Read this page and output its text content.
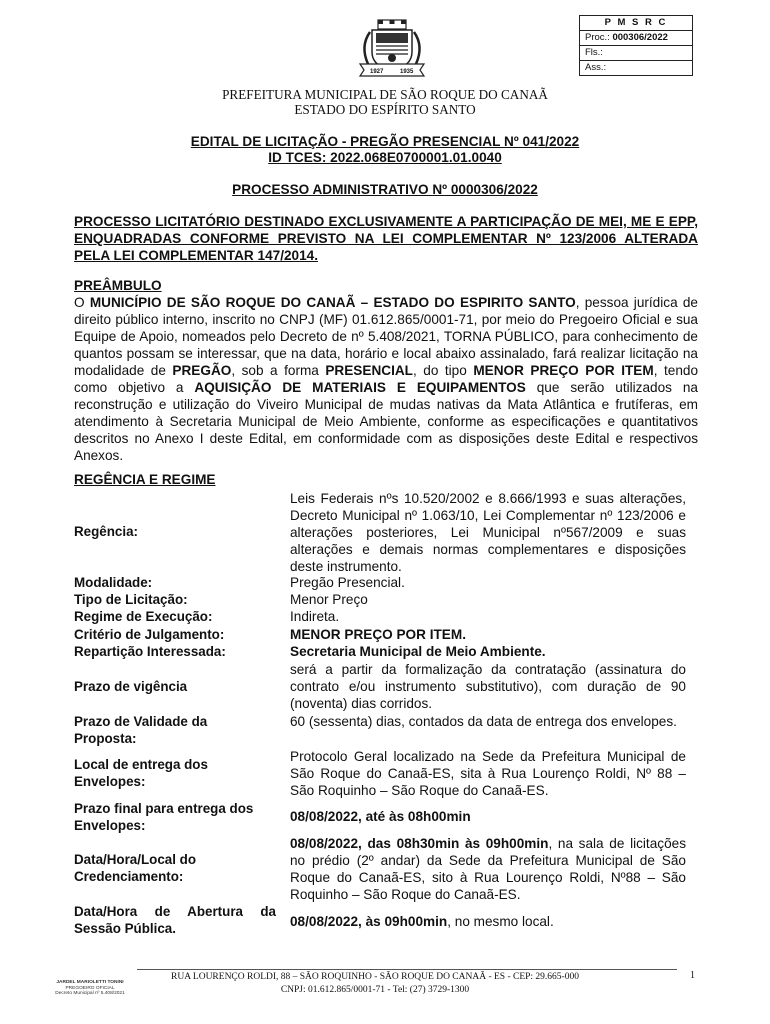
P M S R C
Proc.: 000306/2022
Fls.:
Ass.:
1927	1935
PREFEITURA MUNICIPAL DE SÃO ROQUE DO CANAÃ
ESTADO DO ESPÍRITO SANTO
EDITAL DE LICITAÇÃO - PREGÃO PRESENCIAL Nº 041/2022
ID TCES: 2022.068E0700001.01.0040
PROCESSO ADMINISTRATIVO Nº 0000306/2022
PROCESSO LICITATÓRIO DESTINADO EXCLUSIVAMENTE A PARTICIPAÇÃO DE MEI, ME E EPP, ENQUADRADAS CONFORME PREVISTO NA LEI COMPLEMENTAR Nº 123/2006 ALTERADA PELA LEI COMPLEMENTAR 147/2014.
PREÂMBULO
O MUNICÍPIO DE SÃO ROQUE DO CANAÃ – ESTADO DO ESPIRITO SANTO, pessoa jurídica de direito público interno, inscrito no CNPJ (MF) 01.612.865/0001-71, por meio do Pregoeiro Oficial e sua Equipe de Apoio, nomeados pelo Decreto de nº 5.408/2021, TORNA PÚBLICO, para conhecimento de quantos possam se interessar, que na data, horário e local abaixo assinalado, fará realizar licitação na modalidade de PREGÃO, sob a forma PRESENCIAL, do tipo MENOR PREÇO POR ITEM, tendo como objetivo a AQUISIÇÃO DE MATERIAIS E EQUIPAMENTOS que serão utilizados na reconstrução e utilização do Viveiro Municipal de mudas nativas da Mata Atlântica e frutíferas, em atendimento à Secretaria Municipal de Meio Ambiente, conforme as especificações e quantitativos descritos no Anexo I deste Edital, em conformidade com as disposições deste Edital e respectivos Anexos.
REGÊNCIA E REGIME
Regência:
Leis Federais nºs 10.520/2002 e 8.666/1993 e suas alterações, Decreto Municipal nº 1.063/10, Lei Complementar nº 123/2006 e alterações posteriores, Lei Municipal nº567/2009 e suas alterações e demais normas complementares e disposições deste instrumento.
Modalidade:	Pregão Presencial.
Tipo de Licitação:	Menor Preço
Regime de Execução:	Indireta.
Critério de Julgamento:	MENOR PREÇO POR ITEM.
Repartição Interessada:	Secretaria Municipal de Meio Ambiente.
Prazo de vigência
será a partir da formalização da contratação (assinatura do contrato e/ou instrumento substitutivo), com duração de 90 (noventa) dias corridos.
Prazo de Validade da Proposta:
60 (sessenta) dias, contados da data de entrega dos envelopes.
Local de entrega dos Envelopes:
Protocolo Geral localizado na Sede da Prefeitura Municipal de São Roque do Canaã-ES, sita à Rua Lourenço Roldi, Nº 88 – São Roquinho – São Roque do Canaã-ES.
Prazo final para entrega dos Envelopes:
08/08/2022, até às 08h00min
Data/Hora/Local do Credenciamento:
08/08/2022, das 08h30min às 09h00min, na sala de licitações no prédio (2º andar) da Sede da Prefeitura Municipal de São Roque do Canaã-ES, sito à Rua Lourenço Roldi, Nº88 – São Roquinho – São Roque do Canaã-ES.
Data/Hora de Abertura da Sessão Pública.	08/08/2022, às 09h00min, no mesmo local.
JARDEL MARIOLETTI TONINI
PREGOEIRO OFICIAL
Decreto Municipal nº 5.408/2021
RUA LOURENÇO ROLDI, 88 – SÃO ROQUINHO - SÃO ROQUE DO CANAÃ - ES - CEP: 29.665-000
CNPJ: 01.612.865/0001-71 - Tel: (27) 3729-1300
1
